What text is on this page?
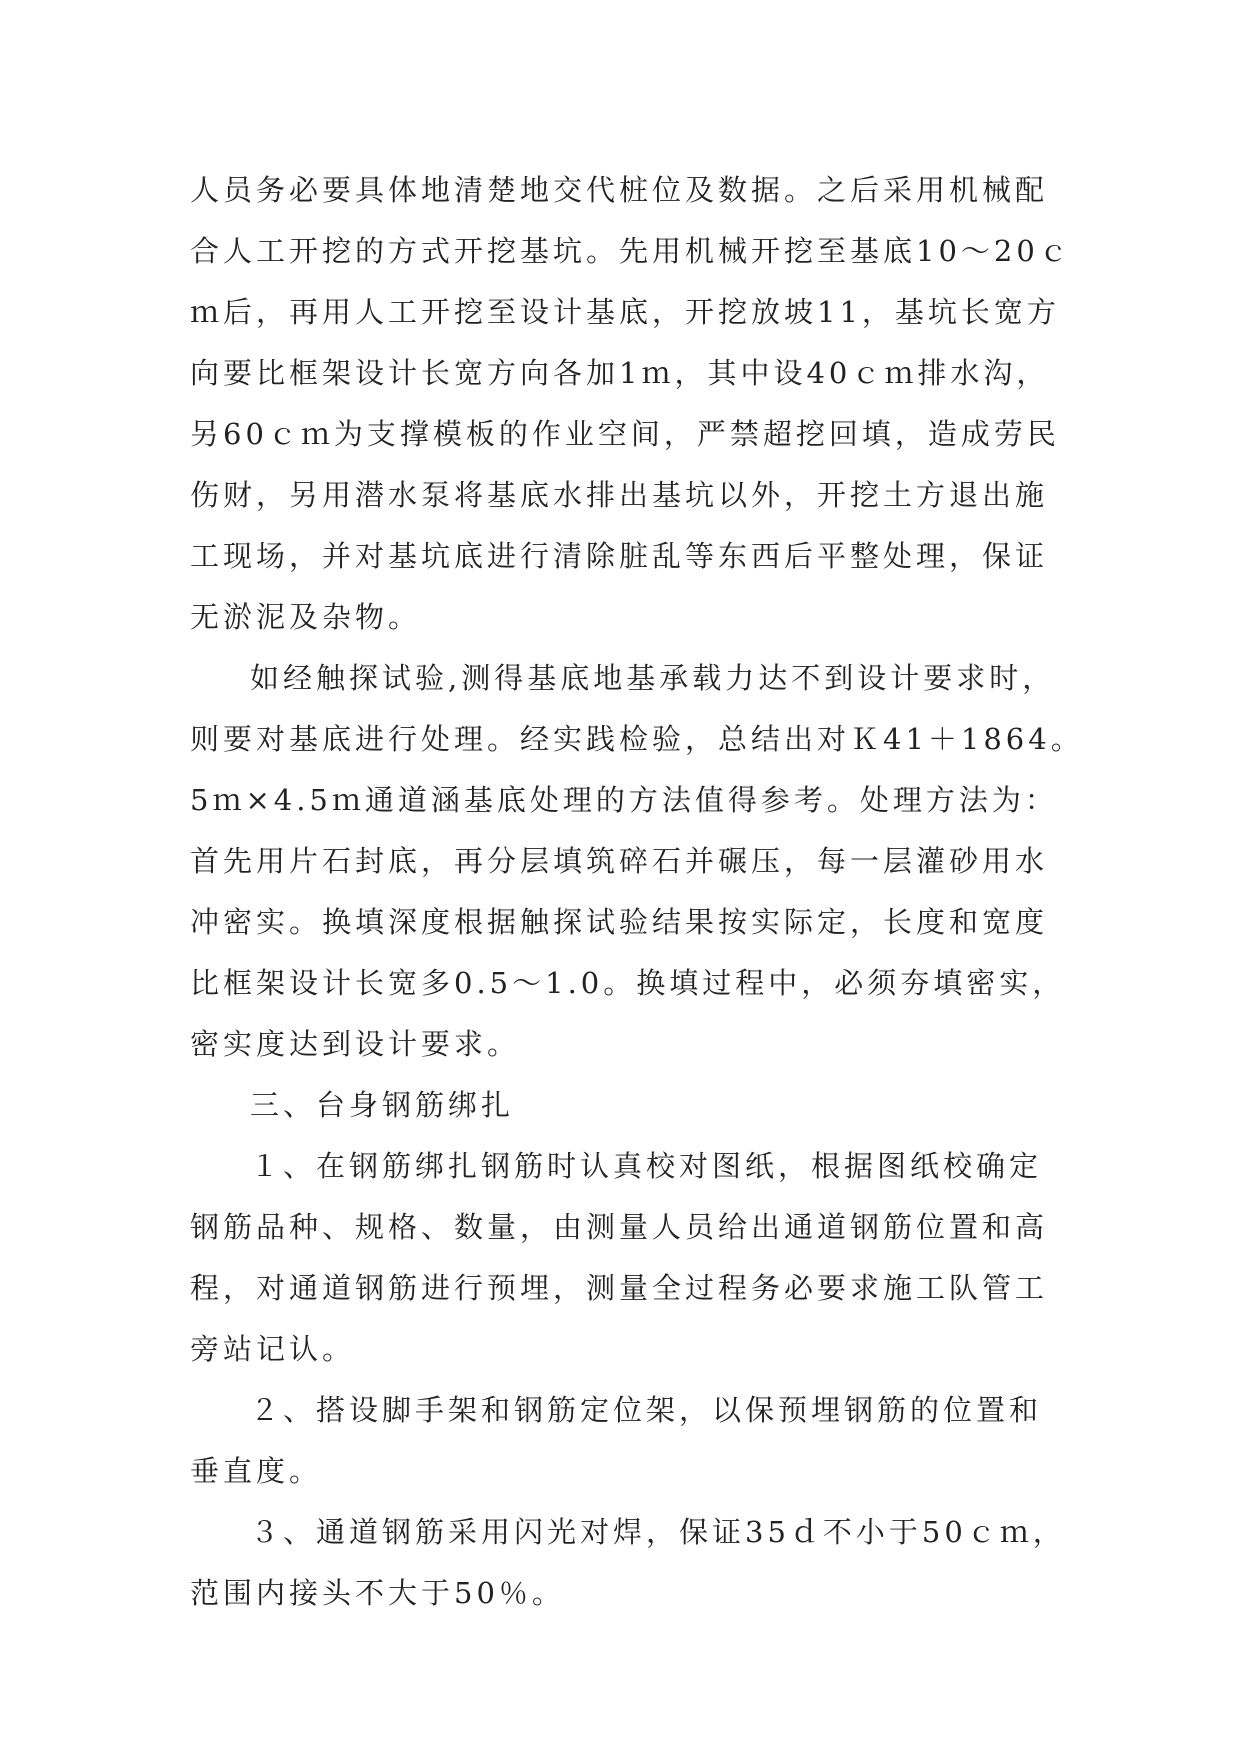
人员务必要具体地清楚地交代桩位及数据。之后采用机械配
合人工开挖的方式开挖基坑。先用机械开挖至基底10～20ｃ
ｍ后，再用人工开挖至设计基底，开挖放坡11，基坑长宽方
向要比框架设计长宽方向各加1ｍ，其中设40ｃｍ排水沟，
另60ｃｍ为支撑模板的作业空间，严禁超挖回填，造成劳民
伤财，另用潜水泵将基底水排出基坑以外，开挖土方退出施
工现场，并对基坑底进行清除脏乱等东西后平整处理，保证
无淤泥及杂物。

如经触探试验,测得基底地基承载力达不到设计要求时，
则要对基底进行处理。经实践检验，总结出对Ｋ41＋1864。
5ｍ×4.5ｍ通道涵基底处理的方法值得参考。处理方法为：
首先用片石封底，再分层填筑碎石并碾压，每一层灌砂用水
冲密实。换填深度根据触探试验结果按实际定，长度和宽度
比框架设计长宽多0.5～1.0。换填过程中，必须夯填密实，
密实度达到设计要求。

三、台身钢筋绑扎

１、在钢筋绑扎钢筋时认真校对图纸，根据图纸校确定
钢筋品种、规格、数量，由测量人员给出通道钢筋位置和高
程，对通道钢筋进行预埋，测量全过程务必要求施工队管工
旁站记认。

２、搭设脚手架和钢筋定位架，以保预埋钢筋的位置和
垂直度。

３、通道钢筋采用闪光对焊，保证35ｄ不小于50ｃｍ，
范围内接头不大于50％。
